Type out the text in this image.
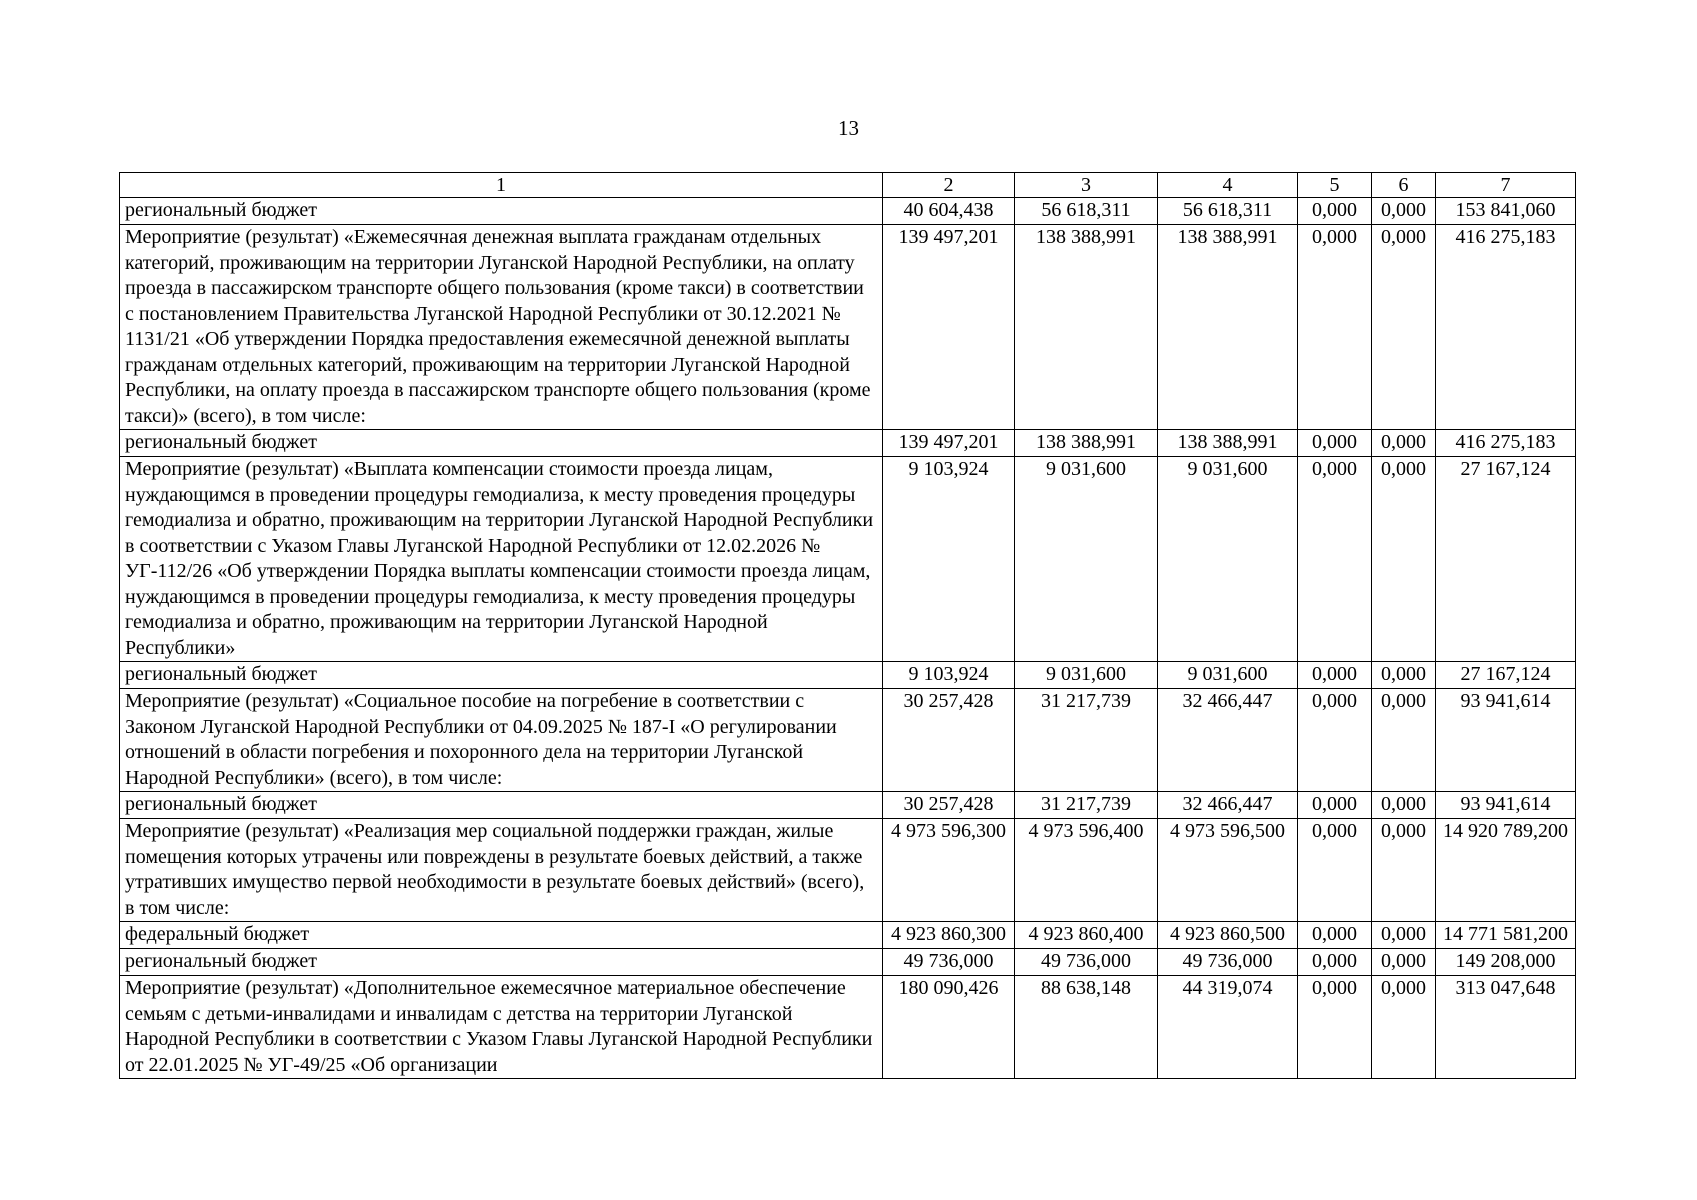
13
1	2	3	4	5	6	7
региональный бюджет	40 604,438	56 618,311	56 618,311	0,000	0,000	153 841,060
Мероприятие (результат) «Ежемесячная денежная выплата гражданам отдельных категорий, проживающим на территории Луганской Народной Республики, на оплату проезда в пассажирском транспорте общего пользования (кроме такси) в соответствии с постановлением Правительства Луганской Народной Республики от 30.12.2021 № 1131/21 «Об утверждении Порядка предоставления ежемесячной денежной выплаты гражданам отдельных категорий, проживающим на территории Луганской Народной Республики, на оплату проезда в пассажирском транспорте общего пользования (кроме такси)» (всего), в том числе:	139 497,201	138 388,991	138 388,991	0,000	0,000	416 275,183
региональный бюджет	139 497,201	138 388,991	138 388,991	0,000	0,000	416 275,183
Мероприятие (результат) «Выплата компенсации стоимости проезда лицам, нуждающимся в проведении процедуры гемодиализа, к месту проведения процедуры гемодиализа и обратно, проживающим на территории Луганской Народной Республики в соответствии с Указом Главы Луганской Народной Республики от 12.02.2026 № УГ-112/26 «Об утверждении Порядка выплаты компенсации стоимости проезда лицам, нуждающимся в проведении процедуры гемодиализа, к месту проведения процедуры гемодиализа и обратно, проживающим на территории Луганской Народной Республики»	9 103,924	9 031,600	9 031,600	0,000	0,000	27 167,124
региональный бюджет	9 103,924	9 031,600	9 031,600	0,000	0,000	27 167,124
Мероприятие (результат) «Социальное пособие на погребение в соответствии с Законом Луганской Народной Республики от 04.09.2025 № 187-I «О регулировании отношений в области погребения и похоронного дела на территории Луганской Народной Республики» (всего), в том числе:	30 257,428	31 217,739	32 466,447	0,000	0,000	93 941,614
региональный бюджет	30 257,428	31 217,739	32 466,447	0,000	0,000	93 941,614
Мероприятие (результат) «Реализация мер социальной поддержки граждан, жилые помещения которых утрачены или повреждены в результате боевых действий, а также утративших имущество первой необходимости в результате боевых действий» (всего), в том числе:	4 973 596,300	4 973 596,400	4 973 596,500	0,000	0,000	14 920 789,200
федеральный бюджет	4 923 860,300	4 923 860,400	4 923 860,500	0,000	0,000	14 771 581,200
региональный бюджет	49 736,000	49 736,000	49 736,000	0,000	0,000	149 208,000
Мероприятие (результат) «Дополнительное ежемесячное материальное обеспечение семьям с детьми-инвалидами и инвалидам с детства на территории Луганской Народной Республики в соответствии с Указом Главы Луганской Народной Республики от 22.01.2025 № УГ-49/25 «Об организации	180 090,426	88 638,148	44 319,074	0,000	0,000	313 047,648
